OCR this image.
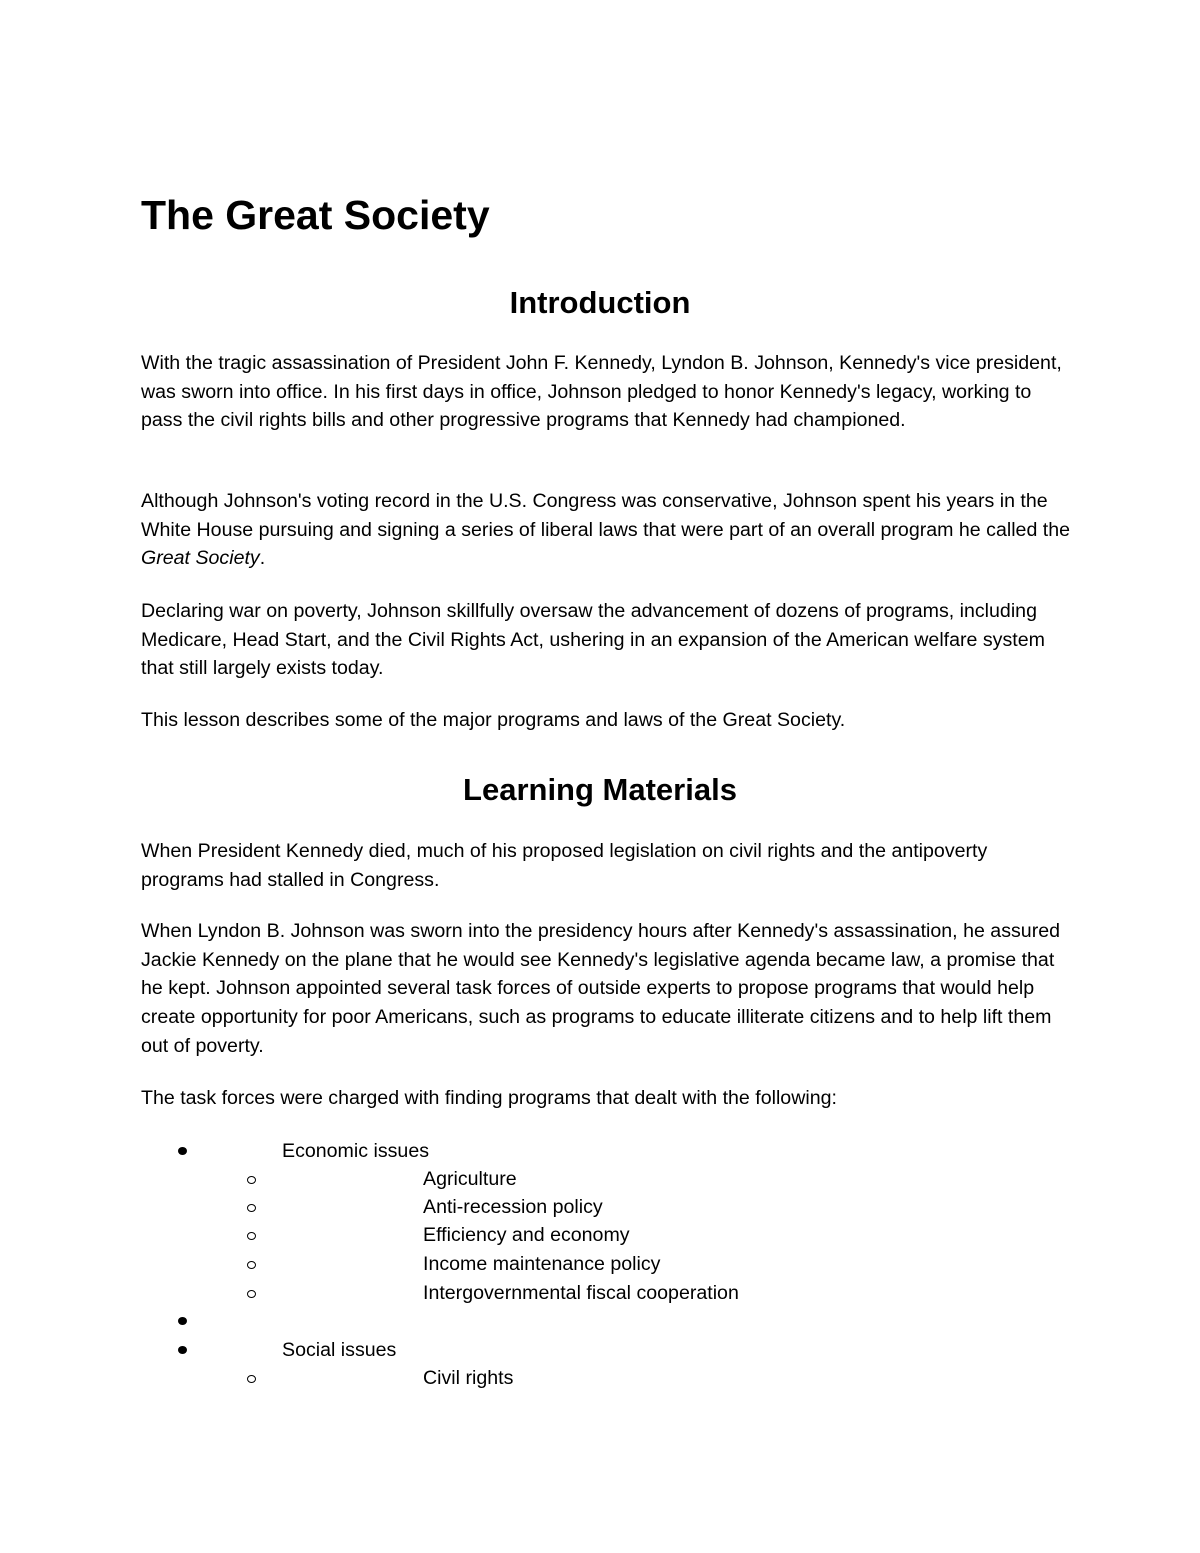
The Great Society
Introduction

With the tragic assassination of President John F. Kennedy, Lyndon B. Johnson, Kennedy's vice president, was sworn into office. In his first days in office, Johnson pledged to honor Kennedy's legacy, working to pass the civil rights bills and other progressive programs that Kennedy had championed.

Although Johnson's voting record in the U.S. Congress was conservative, Johnson spent his years in the White House pursuing and signing a series of liberal laws that were part of an overall program he called the Great Society.

Declaring war on poverty, Johnson skillfully oversaw the advancement of dozens of programs, including Medicare, Head Start, and the Civil Rights Act, ushering in an expansion of the American welfare system that still largely exists today.

This lesson describes some of the major programs and laws of the Great Society.

Learning Materials

When President Kennedy died, much of his proposed legislation on civil rights and the antipoverty programs had stalled in Congress.

When Lyndon B. Johnson was sworn into the presidency hours after Kennedy's assassination, he assured Jackie Kennedy on the plane that he would see Kennedy's legislative agenda became law, a promise that he kept. Johnson appointed several task forces of outside experts to propose programs that would help create opportunity for poor Americans, such as programs to educate illiterate citizens and to help lift them out of poverty.

The task forces were charged with finding programs that dealt with the following:

Economic issues
Agriculture
Anti-recession policy
Efficiency and economy
Income maintenance policy
Intergovernmental fiscal cooperation
Social issues
Civil rights
